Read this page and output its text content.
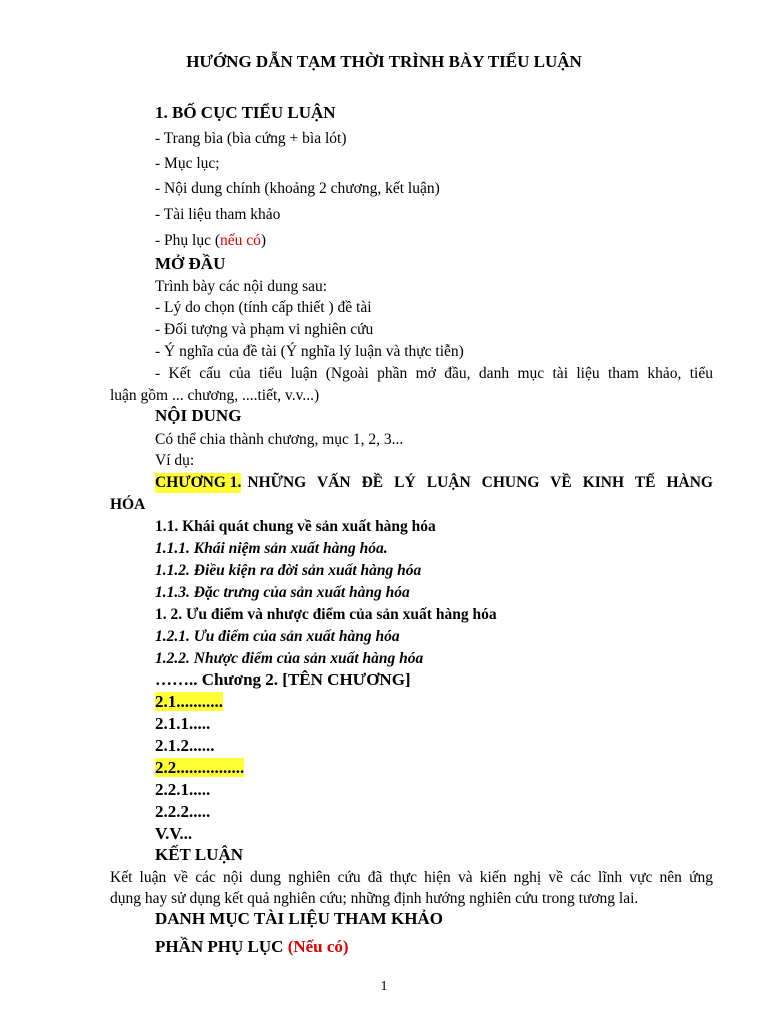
HƯỚNG DẪN TẠM THỜI TRÌNH BÀY TIỂU LUẬN
1. BỐ CỤC TIỂU LUẬN
- Trang bìa (bìa cứng + bìa lót)
- Mục lục;
- Nội dung chính (khoảng 2 chương, kết luận)
- Tài liệu tham khảo
- Phụ lục (nếu có)
MỞ ĐẦU
Trình bày các nội dung sau:
- Lý do chọn (tính cấp thiết ) đề tài
- Đối tượng và phạm vi nghiên cứu
- Ý nghĩa của đề tài (Ý nghĩa lý luận và thực tiễn)
- Kết cấu của tiểu luận (Ngoài phần mở đầu, danh mục tài liệu tham khảo, tiểu
luận gồm ... chương, ....tiết, v.v...)
NỘI DUNG
Có thể chia thành chương, mục 1, 2, 3...
Ví dụ:
CHƯƠNG 1. NHỮNG VẤN ĐỀ LÝ LUẬN CHUNG VỀ KINH TẾ HÀNG
HÓA
1.1. Khái quát chung về sản xuất hàng hóa
1.1.1. Khái niệm sản xuất hàng hóa.
1.1.2. Điều kiện ra đời sản xuất hàng hóa
1.1.3. Đặc trưng của sản xuất hàng hóa
1. 2. Ưu điểm và nhược điểm của sản xuất hàng hóa
1.2.1. Ưu điểm của sản xuất hàng hóa
1.2.2. Nhược điểm của sản xuất hàng hóa
…….. Chương 2. [TÊN CHƯƠNG]
2.1...........
2.1.1.....
2.1.2......
2.2................
2.2.1.....
2.2.2.....
V.V...
KẾT LUẬN
Kết luận về các nội dung nghiên cứu đã thực hiện và kiến nghị về các lĩnh vực nên ứng
dụng hay sử dụng kết quả nghiên cứu; những định hướng nghiên cứu trong tương lai.
DANH MỤC TÀI LIỆU THAM KHẢO
PHẦN PHỤ LỤC (Nếu có)
1
